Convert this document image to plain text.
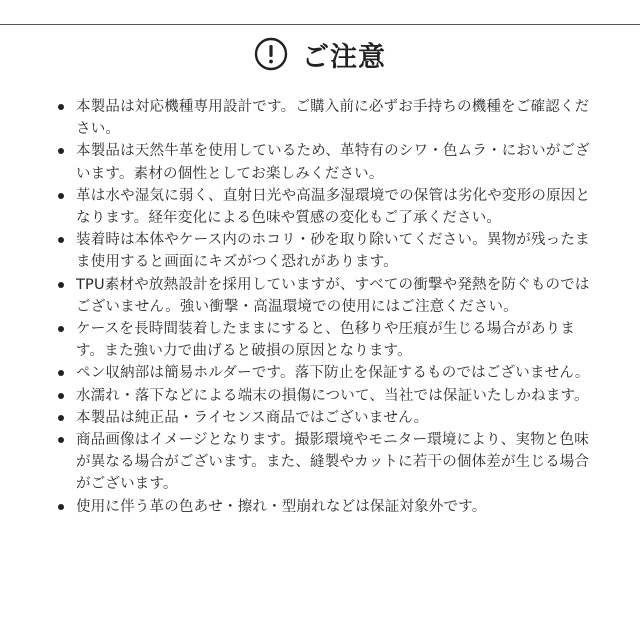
ご注意
本製品は対応機種専用設計です。ご購入前に必ずお手持ちの機種をご確認ください。
本製品は天然牛革を使用しているため、革特有のシワ・色ムラ・においがございます。素材の個性としてお楽しみください。
革は水や湿気に弱く、直射日光や高温多湿環境での保管は劣化や変形の原因となります。経年変化による色味や質感の変化もご了承ください。
装着時は本体やケース内のホコリ・砂を取り除いてください。異物が残ったまま使用すると画面にキズがつく恐れがあります。
TPU素材や放熱設計を採用していますが、すべての衝撃や発熱を防ぐものではございません。強い衝撃・高温環境での使用にはご注意ください。
ケースを長時間装着したままにすると、色移りや圧痕が生じる場合があります。また強い力で曲げると破損の原因となります。
ペン収納部は簡易ホルダーです。落下防止を保証するものではございません。
水濡れ・落下などによる端末の損傷について、当社では保証いたしかねます。
本製品は純正品・ライセンス商品ではございません。
商品画像はイメージとなります。撮影環境やモニター環境により、実物と色味が異なる場合がございます。また、縫製やカットに若干の個体差が生じる場合がございます。
使用に伴う革の色あせ・擦れ・型崩れなどは保証対象外です。
